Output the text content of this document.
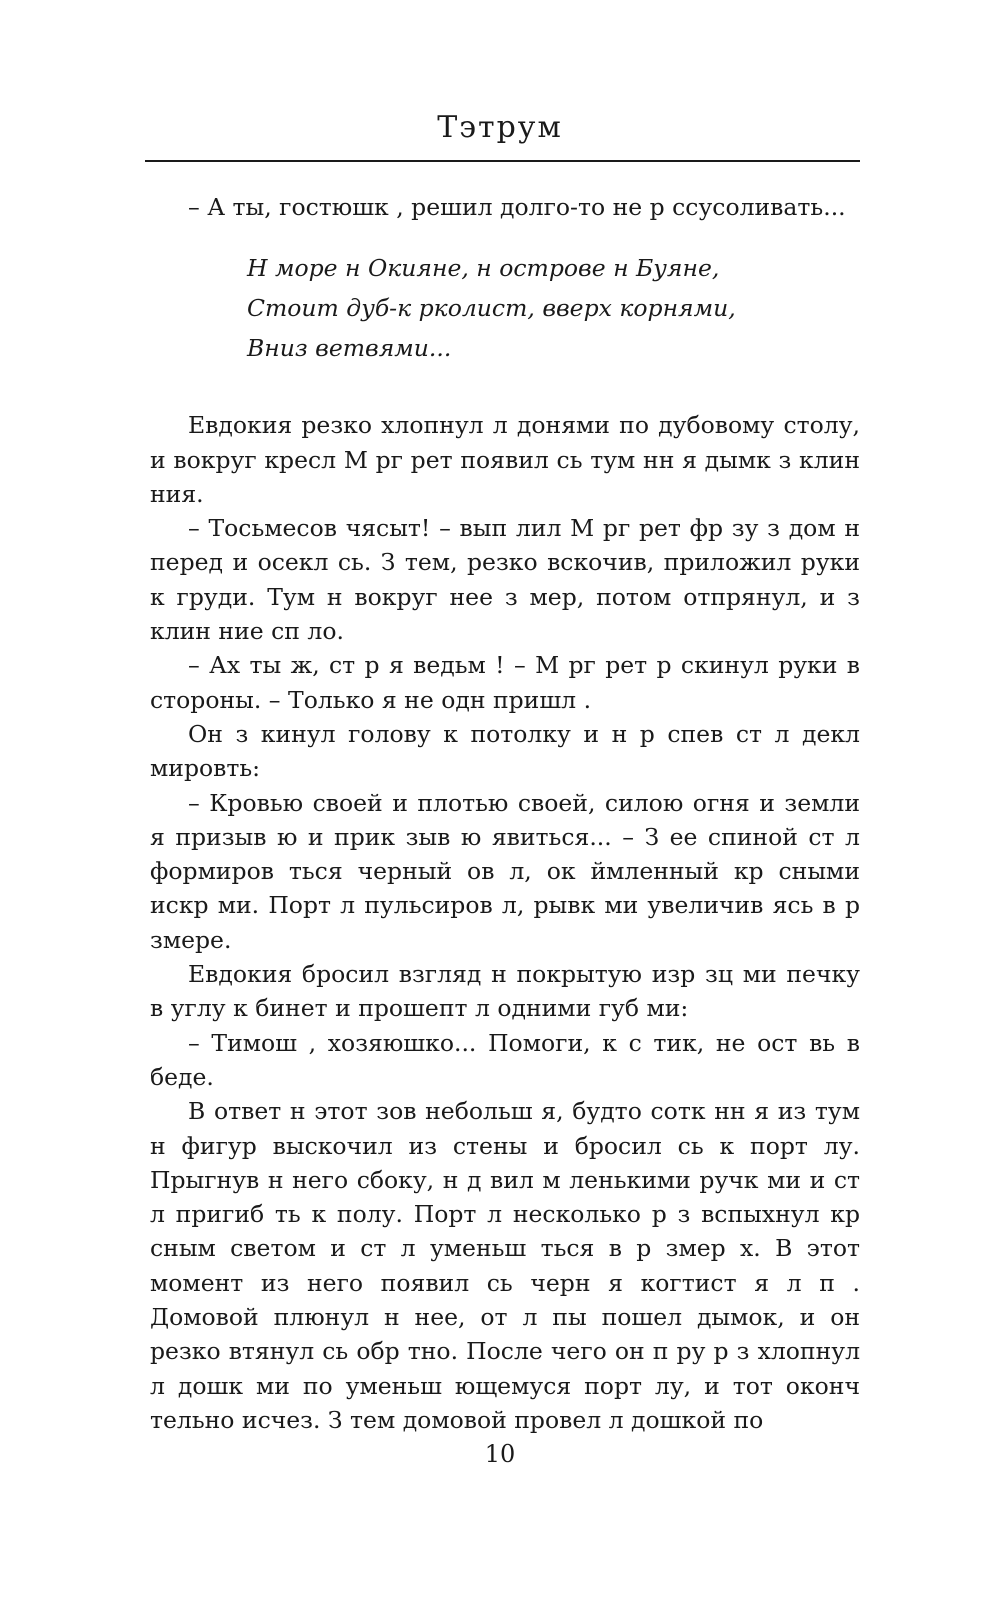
Тэтрум

– А ты, гостюшк , решил долго-то не р ссусоливать...

Н море н Окияне, н острове н Буяне,
Стоит дуб-к рколист, вверх корнями,
Вниз ветвями...

Евдокия резко хлопнул л донями по дубовому столу, и вокруг кресл М рг рет появил сь тум нн я дымк з клин ния.

– Тосьмесов чясыт! – вып лил М рг рет фр зу з дом н перед и осекл сь. З тем, резко вскочив, приложил руки к груди. Тум н вокруг нее з мер, потом отпрянул, и з клин ние сп ло.

– Ах ты ж, ст р я ведьм ! – М рг рет р скинул руки в стороны. – Только я не одн пришл .

Он з кинул голову к потолку и н р спев ст л декл мировть:

– Кровью своей и плотью своей, силою огня и земли я призыв ю и прик зыв ю явиться... – З ее спиной ст л формиров ться черный ов л, ок ймленный кр сными искр ми. Порт л пульсиров л, рывк ми увеличив ясь в р змере.

Евдокия бросил взгляд н покрытую изр зц ми печку в углу к бинет и прошепт л одними губ ми:

– Тимош , хозяюшко... Помоги, к с тик, не ост вь в беде.

В ответ н этот зов небольш я, будто сотк нн я из тум н фигур выскочил из стены и бросил сь к порт лу. Прыгнув н него сбоку, н д вил м ленькими ручк ми и ст л пригиб ть к полу. Порт л несколько р з вспыхнул кр сным светом и ст л уменьш ться в р змер х. В этот момент из него появил сь черн я когтист я л п . Домовой плюнул н нее, от л пы пошел дымок, и он резко втянул сь обр тно. После чего он п ру р з хлопнул л дошк ми по уменьш ющемуся порт лу, и тот оконч тельно исчез. З тем домовой провел л дошкой по

10
